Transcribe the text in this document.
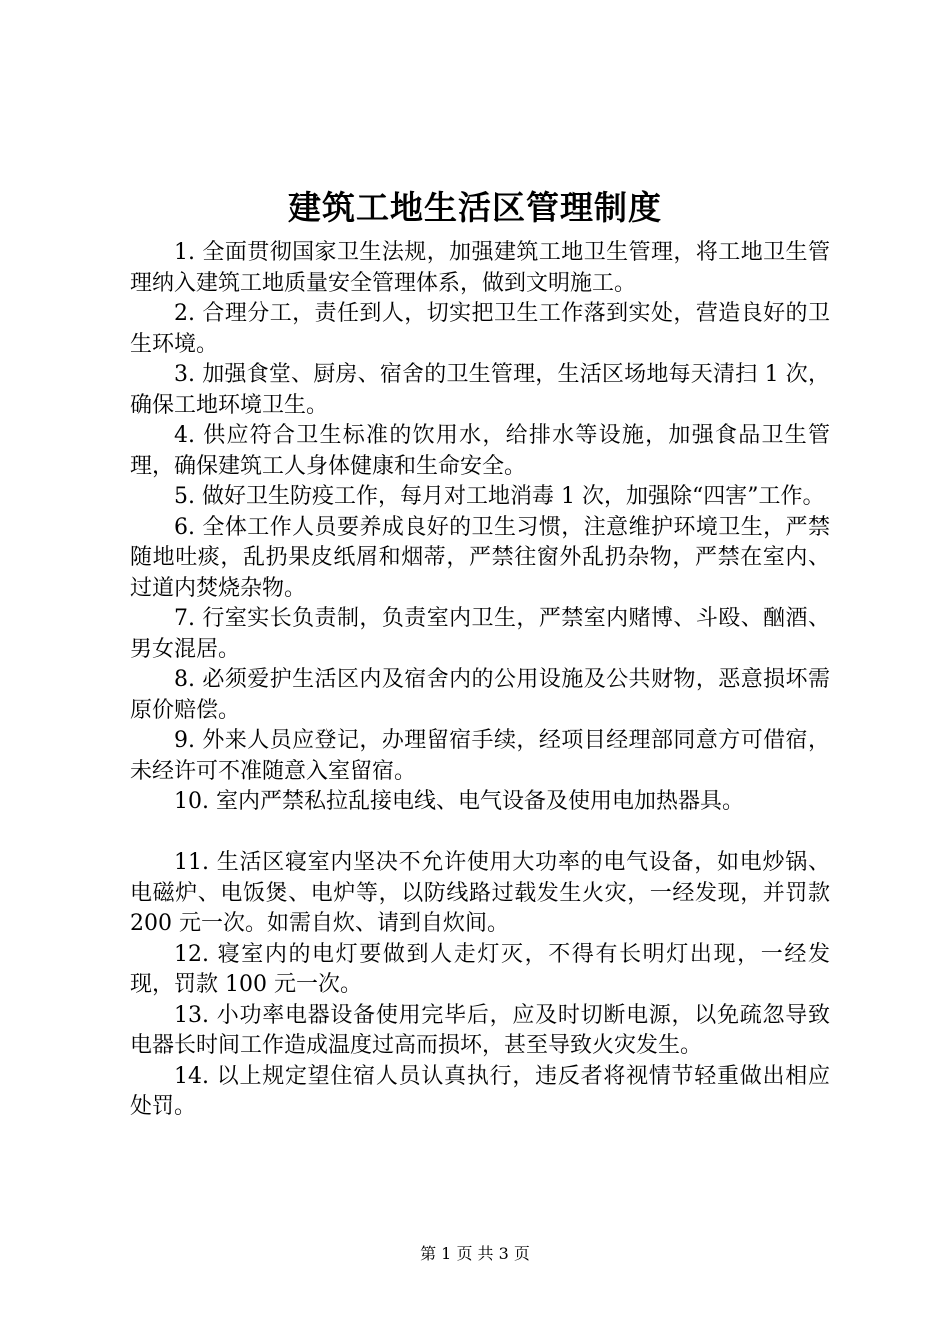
建筑工地生活区管理制度

1. 全面贯彻国家卫生法规，加强建筑工地卫生管理，将工地卫生管理纳入建筑工地质量安全管理体系，做到文明施工。

2. 合理分工，责任到人，切实把卫生工作落到实处，营造良好的卫生环境。

3. 加强食堂、厨房、宿舍的卫生管理，生活区场地每天清扫 1 次，确保工地环境卫生。

4. 供应符合卫生标准的饮用水，给排水等设施，加强食品卫生管理，确保建筑工人身体健康和生命安全。

5. 做好卫生防疫工作，每月对工地消毒 1 次，加强除“四害”工作。

6. 全体工作人员要养成良好的卫生习惯，注意维护环境卫生，严禁随地吐痰，乱扔果皮纸屑和烟蒂，严禁往窗外乱扔杂物，严禁在室内、过道内焚烧杂物。

7. 行室实长负责制，负责室内卫生，严禁室内赌博、斗殴、酗酒、男女混居。

8. 必须爱护生活区内及宿舍内的公用设施及公共财物，恶意损坏需原价赔偿。

9. 外来人员应登记，办理留宿手续，经项目经理部同意方可借宿，未经许可不准随意入室留宿。

10. 室内严禁私拉乱接电线、电气设备及使用电加热器具。

11. 生活区寝室内坚决不允许使用大功率的电气设备，如电炒锅、电磁炉、电饭煲、电炉等，以防线路过载发生火灾，一经发现，并罚款 200 元一次。如需自炊、请到自炊间。

12. 寝室内的电灯要做到人走灯灭，不得有长明灯出现，一经发现，罚款 100 元一次。

13. 小功率电器设备使用完毕后，应及时切断电源，以免疏忽导致电器长时间工作造成温度过高而损坏，甚至导致火灾发生。

14. 以上规定望住宿人员认真执行，违反者将视情节轻重做出相应处罚。

第 1 页 共 3 页
